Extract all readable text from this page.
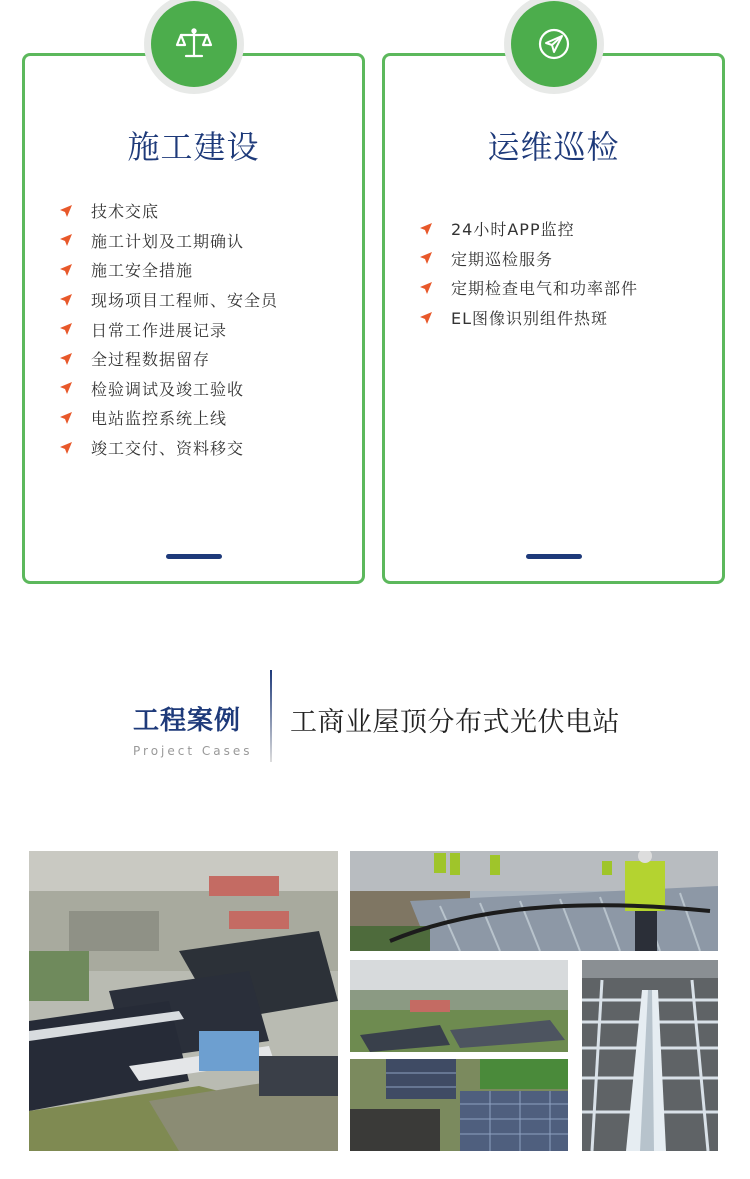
施工建设
技术交底
施工计划及工期确认
施工安全措施
现场项目工程师、安全员
日常工作进展记录
全过程数据留存
检验调试及竣工验收
电站监控系统上线
竣工交付、资料移交
运维巡检
24小时APP监控
定期巡检服务
定期检查电气和功率部件
EL图像识别组件热斑
工程案例
Project Cases
工商业屋顶分布式光伏电站
